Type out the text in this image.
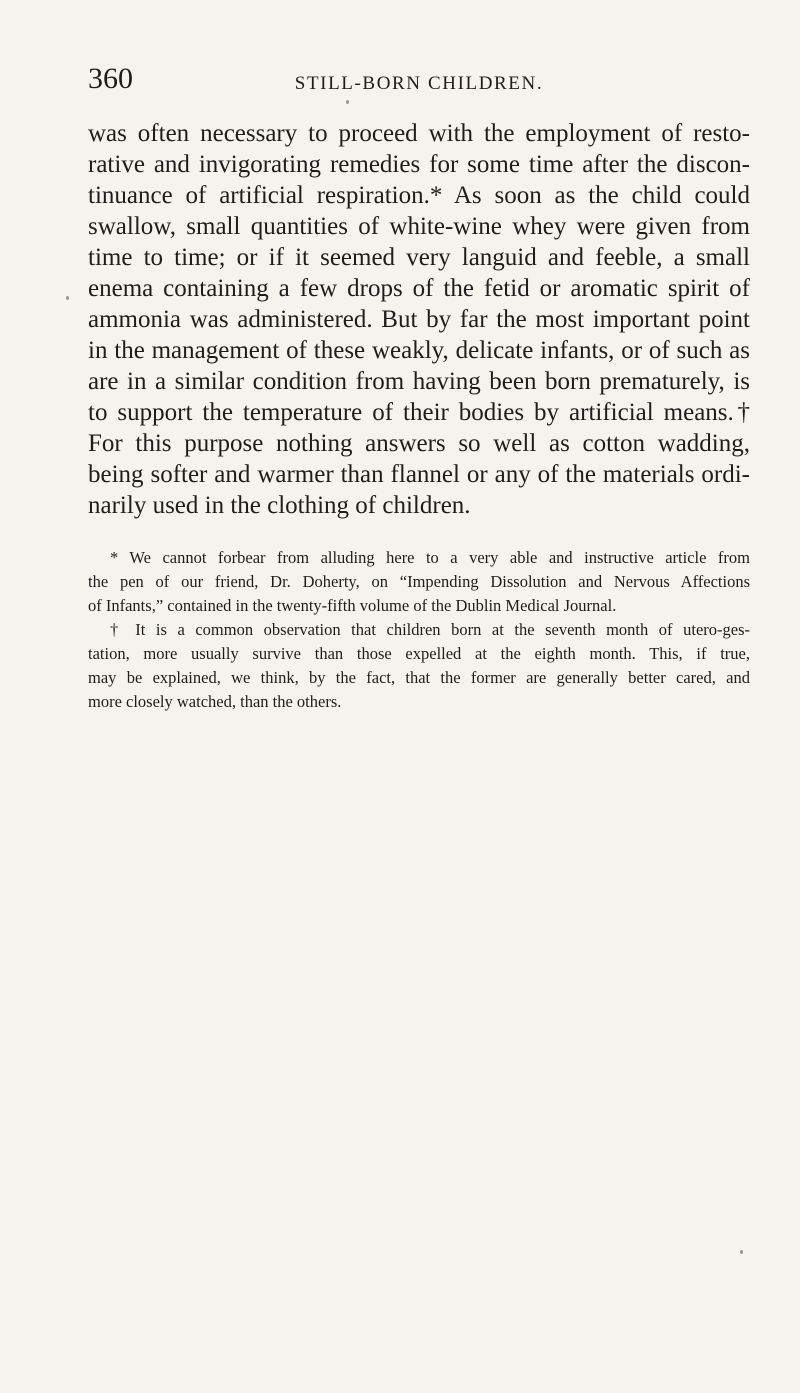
360	STILL-BORN CHILDREN.
was often necessary to proceed with the employment of resto-
rative and invigorating remedies for some time after the discon-
tinuance of artificial respiration.* As soon as the child could
swallow, small quantities of white-wine whey were given from
time to time; or if it seemed very languid and feeble, a small
enema containing a few drops of the fetid or aromatic spirit of
ammonia was administered. But by far the most important point
in the management of these weakly, delicate infants, or of such as
are in a similar condition from having been born prematurely, is
to support the temperature of their bodies by artificial means.†
For this purpose nothing answers so well as cotton wadding,
being softer and warmer than flannel or any of the materials ordi-
narily used in the clothing of children.
* We cannot forbear from alluding here to a very able and instructive article from
the pen of our friend, Dr. Doherty, on “Impending Dissolution and Nervous Affections
of Infants,” contained in the twenty-fifth volume of the Dublin Medical Journal.
† It is a common observation that children born at the seventh month of utero-ges-
tation, more usually survive than those expelled at the eighth month. This, if true,
may be explained, we think, by the fact, that the former are generally better cared, and
more closely watched, than the others.
